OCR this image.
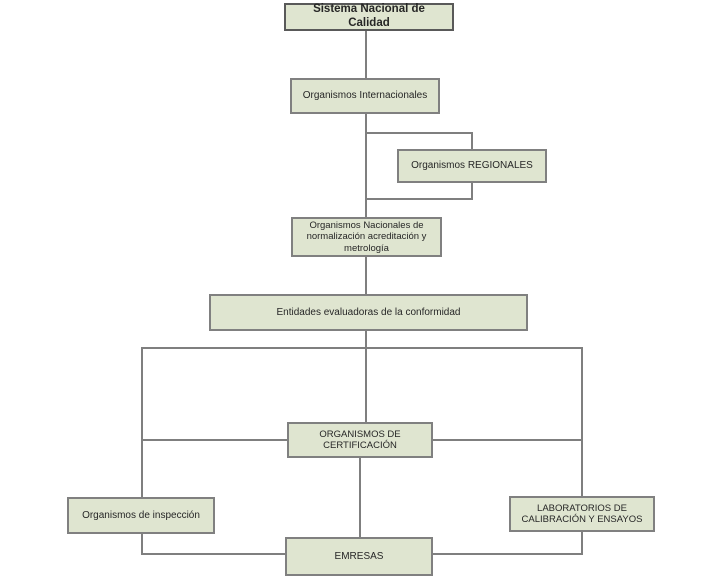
Sistema Nacional de Calidad
Organismos Internacionales
Organismos REGIONALES
Organismos Nacionales de normalización acreditación y metrología
Entidades evaluadoras de la conformidad
ORGANISMOS DE CERTIFICACIÓN
Organismos de inspección
LABORATORIOS DE CALIBRACIÓN Y ENSAYOS
EMRESAS
